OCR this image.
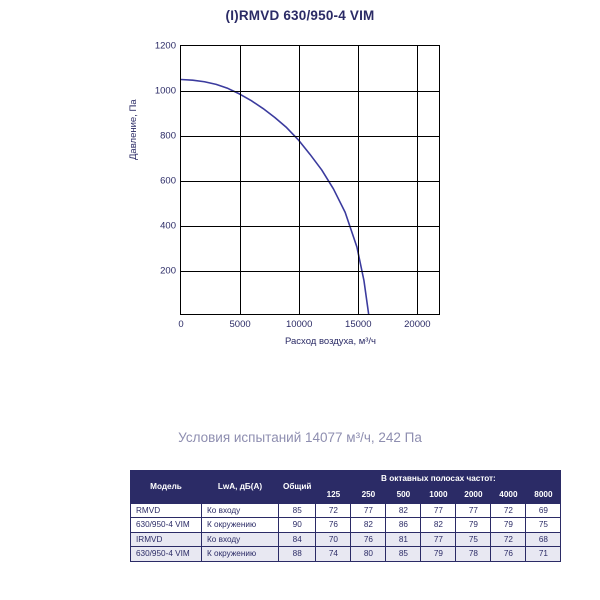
(I)RMVD 630/950-4 VIM
Давление, Па
0	5000	10000	15000	20000
200
400
600
800
1000
1200
Расход воздуха, м³/ч
Условия испытаний 14077 м³/ч, 242 Па
Модель	LwA, дБ(A)	Общий	В октавных полосах частот:						
			125	250	500	1000	2000	4000	8000
RMVD	Ко входу	85	72	77	82	77	77	72	69
630/950-4 VIM	К окружению	90	76	82	86	82	79	79	75
IRMVD	Ко входу	84	70	76	81	77	75	72	68
630/950-4 VIM	К окружению	88	74	80	85	79	78	76	71
